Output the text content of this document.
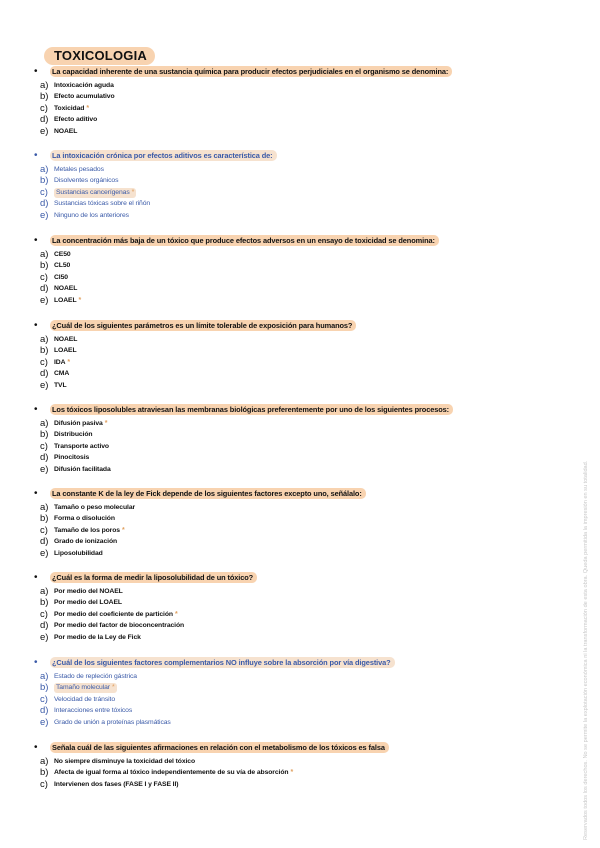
TOXICOLOGIA
•	La capacidad inherente de una sustancia química para producir efectos perjudiciales en el organismo se denomina:
a) Intoxicación aguda
b) Efecto acumulativo
c) Toxicidad *
d) Efecto aditivo
e) NOAEL
•	La intoxicación crónica por efectos aditivos es característica de:
a) Metales pesados
b) Disolventes orgánicos
c)	Sustancias cancerígenas *
d) Sustancias tóxicas sobre el riñón
e) Ninguno de los anteriores
•	La concentración más baja de un tóxico que produce efectos adversos en un ensayo de toxicidad se denomina:
a) CE50
b) CL50
c) CI50
d) NOAEL
e) LOAEL *
•	¿Cuál de los siguientes parámetros es un límite tolerable de exposición para humanos?
a) NOAEL
b) LOAEL
c) IDA *
d) CMA
e) TVL
•	Los tóxicos liposolubles atraviesan las membranas biológicas preferentemente por uno de los siguientes procesos:
a) Difusión pasiva *
b) Distribución
c) Transporte activo
d) Pinocitosis
e) Difusión facilitada
•	La constante K de la ley de Fick depende de los siguientes factores excepto uno, señálalo:
a) Tamaño o peso molecular
b) Forma o disolución
c) Tamaño de los poros *
d) Grado de ionización
e) Liposolubilidad
•	¿Cuál es la forma de medir la liposolubilidad de un tóxico?
a) Por medio del NOAEL
b) Por medio del LOAEL
c) Por medio del coeficiente de partición *
d) Por medio del factor de bioconcentración
e) Por medio de la Ley de Fick
•	¿Cuál de los siguientes factores complementarios NO influye sobre la absorción por vía digestiva?
a) Estado de repleción gástrica
b)	Tamaño molecular *
c) Velocidad de tránsito
d) Interacciones entre tóxicos
e) Grado de unión a proteínas plasmáticas
•	Señala cuál de las siguientes afirmaciones en relación con el metabolismo de los tóxicos es falsa
a) No siempre disminuye la toxicidad del tóxico
b) Afecta de igual forma al tóxico independientemente de su vía de absorción *
c) Intervienen dos fases (FASE I y FASE II)	Reservados todos los derechos. No se permite la explotación económica ni la transformación de esta obra. Queda permitida la impresión en su totalidad.
